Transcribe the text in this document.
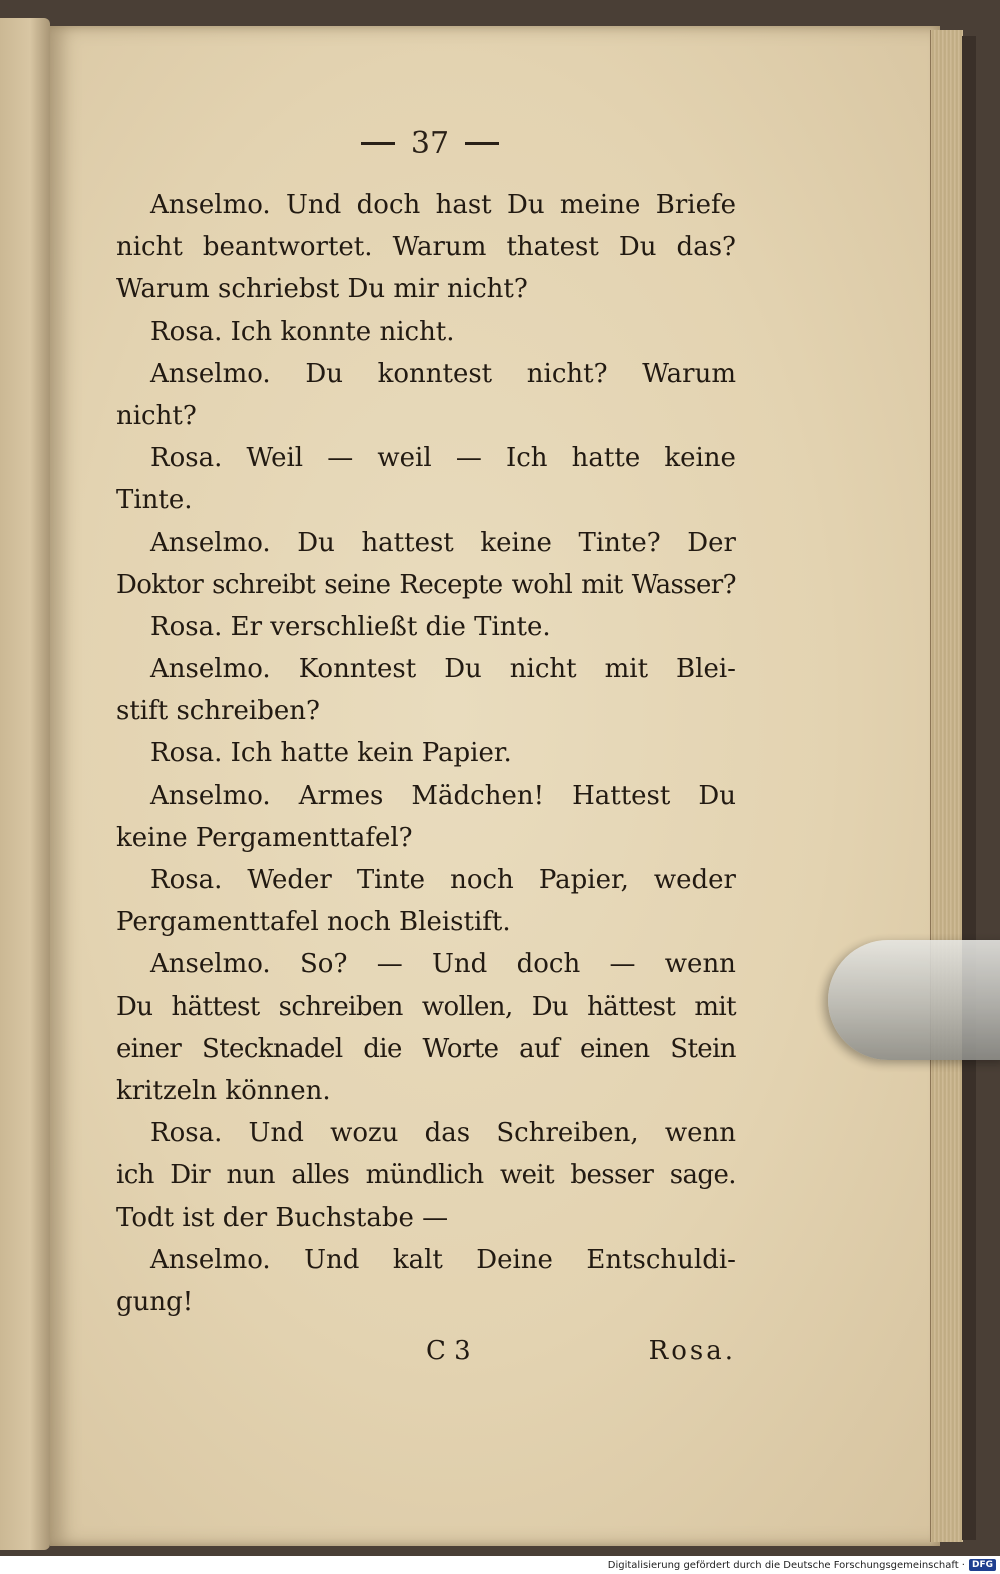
37
Anselmo. Und doch hast Du meine Briefe
nicht beantwortet. Warum thatest Du das?
Warum schriebst Du mir nicht?
Rosa. Ich konnte nicht.
Anselmo. Du konntest nicht? Warum
nicht?
Rosa. Weil — weil — Ich hatte keine
Tinte.
Anselmo. Du hattest keine Tinte? Der
Doktor schreibt seine Recepte wohl mit Wasser?
Rosa. Er verschließt die Tinte.
Anselmo. Konntest Du nicht mit Blei-
stift schreiben?
Rosa. Ich hatte kein Papier.
Anselmo. Armes Mädchen! Hattest Du
keine Pergamenttafel?
Rosa. Weder Tinte noch Papier, weder
Pergamenttafel noch Bleistift.
Anselmo. So? — Und doch — wenn
Du hättest schreiben wollen, Du hättest mit
einer Stecknadel die Worte auf einen Stein
kritzeln können.
Rosa. Und wozu das Schreiben, wenn
ich Dir nun alles mündlich weit besser sage.
Todt ist der Buchstabe —
Anselmo. Und kalt Deine Entschuldi-
gung!
C 3	Rosa.
Digitalisierung gefördert durch die Deutsche Forschungsgemeinschaft · DFG
